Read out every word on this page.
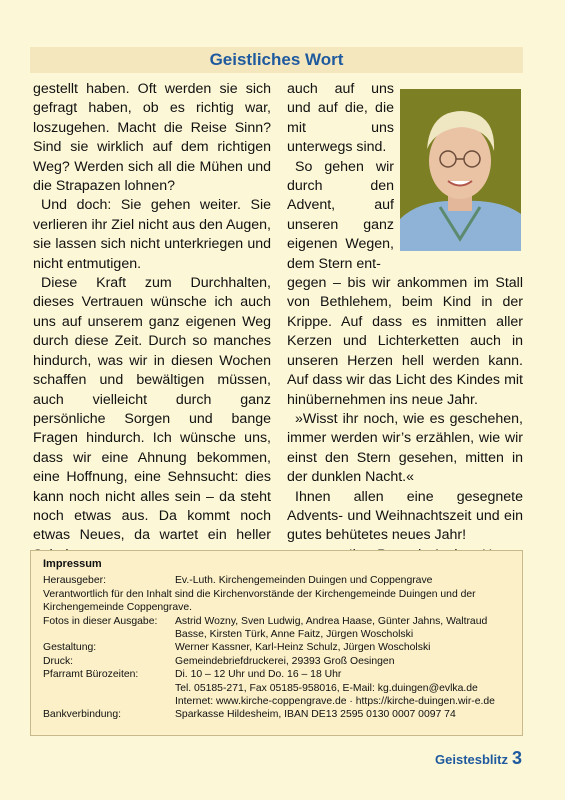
Geistliches Wort

gestellt haben. Oft werden sie sich gefragt haben, ob es richtig war, loszugehen. Macht die Reise Sinn? Sind sie wirklich auf dem richtigen Weg? Werden sich all die Mühen und die Strapazen lohnen?

Und doch: Sie gehen weiter. Sie verlieren ihr Ziel nicht aus den Augen, sie lassen sich nicht unterkriegen und nicht entmutigen.

Diese Kraft zum Durchhalten, dieses Vertrauen wünsche ich auch uns auf unserem ganz eigenen Weg durch diese Zeit. Durch so manches hindurch, was wir in diesen Wochen schaffen und bewältigen müssen, auch vielleicht durch ganz persönliche Sorgen und bange Fragen hindurch. Ich wünsche uns, dass wir eine Ahnung bekommen, eine Hoffnung, eine Sehnsucht: dies kann noch nicht alles sein – da steht noch etwas aus. Da kommt noch etwas Neues, da wartet ein heller

auch auf uns und auf die, die mit uns unterwegs sind.

So gehen wir durch den Advent, auf unseren ganz eigenen Wegen, dem Stern ent-

gegen – bis wir ankommen im Stall von Bethlehem, beim Kind in der Krippe. Auf dass es inmitten aller Kerzen und Lichterketten auch in unseren Herzen hell werden kann. Auf dass wir das Licht des Kindes mit hinübernehmen ins neue Jahr.

»Wisst ihr noch, wie es geschehen, immer werden wir’s erzählen, wie wir einst den Stern gesehen, mitten in der dunklen Nacht.«

Ihnen allen eine gesegnete Advents- und Weihnachtszeit und ein gutes behütetes neues Jahr!

Impressum
Herausgeber:	Ev.-Luth. Kirchengemeinden Duingen und Coppengrave
Verantwortlich für den Inhalt sind die Kirchenvorstände der Kirchengemeinde Duingen und der Kirchengemeinde Coppengrave.
Fotos in dieser Ausgabe:	Astrid Wozny, Sven Ludwig, Andrea Haase, Günter Jahns, Waltraud Basse, Kirsten Türk, Anne Faitz, Jürgen Woscholski
Gestaltung:	Werner Kassner, Karl-Heinz Schulz, Jürgen Woscholski
Druck:	Gemeindebriefdruckerei, 29393 Groß Oesingen
Pfarramt Bürozeiten:	Di. 10 – 12 Uhr und Do. 16 – 18 Uhr
Tel. 05185-271, Fax 05185-958016, E-Mail: kg.duingen@evlka.de
Internet: www.kirche-coppengrave.de · https://kirche-duingen.wir-e.de
Bankverbindung:	Sparkasse Hildesheim, IBAN DE13 2595 0130 0007 0097 74
Geistesblitz 3
